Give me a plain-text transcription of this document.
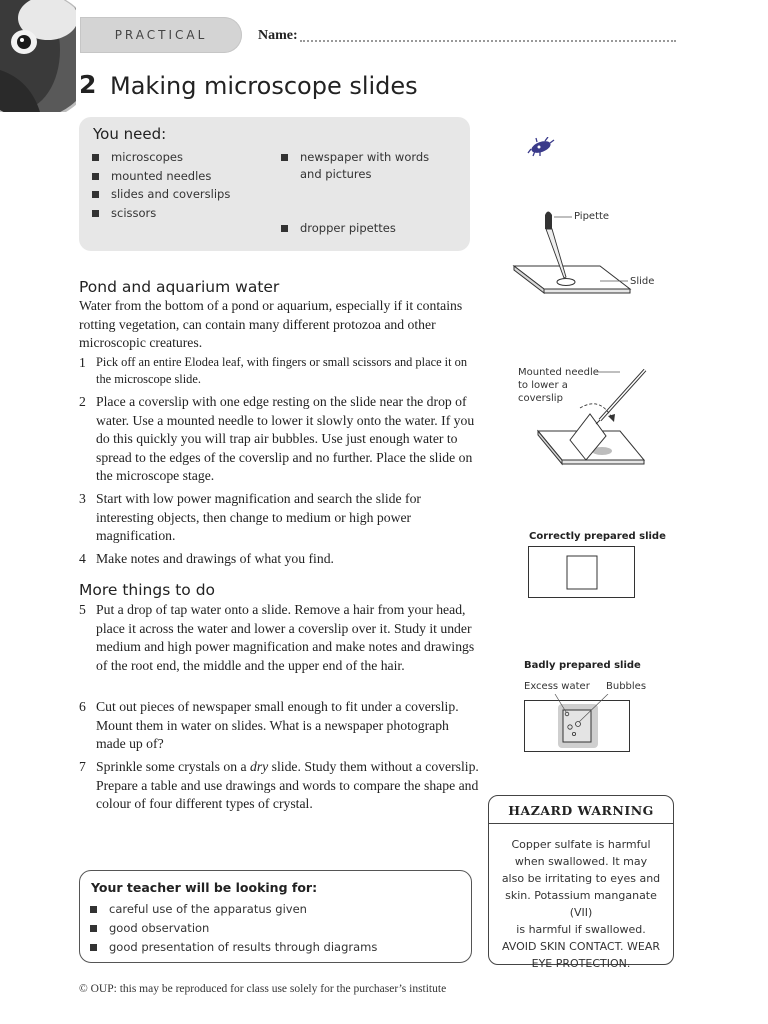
PRACTICAL	Name:
2 Making microscope slides
You need:
microscopes
mounted needles
slides and coverslips
scissors
newspaper with words
and pictures
dropper pipettes
Pond and aquarium water
Water from the bottom of a pond or aquarium, especially if it contains rotting vegetation, can contain many different protozoa and other microscopic creatures.
1 Pick off an entire Elodea leaf, with fingers or small scissors and place it on the microscope slide.
2 Place a coverslip with one edge resting on the slide near the drop of water. Use a mounted needle to lower it slowly onto the water. If you do this quickly you will trap air bubbles. Use just enough water to spread to the edges of the coverslip and no further. Place the slide on the microscope stage.
3 Start with low power magnification and search the slide for interesting objects, then change to medium or high power magnification.
4 Make notes and drawings of what you find.
More things to do
5 Put a drop of tap water onto a slide. Remove a hair from your head, place it across the water and lower a coverslip over it. Study it under medium and high power magnification and make notes and drawings of the root end, the middle and the upper end of the hair.
6 Cut out pieces of newspaper small enough to fit under a coverslip. Mount them in water on slides. What is a newspaper photograph made up of?
7 Sprinkle some crystals on a dry slide. Study them without a coverslip. Prepare a table and use drawings and words to compare the shape and colour of four different types of crystal.
Your teacher will be looking for:
careful use of the apparatus given
good observation
good presentation of results through diagrams
© OUP: this may be reproduced for class use solely for the purchaser’s institute
HAZARD WARNING
Copper sulfate is harmful
when swallowed. It may
also be irritating to eyes and
skin. Potassium manganate (VII)
is harmful if swallowed.
AVOID SKIN CONTACT. WEAR
EYE PROTECTION.
Pipette
Slide
Mounted needle
to lower a
coverslip
Correctly prepared slide
Badly prepared slide
Excess water Bubbles
